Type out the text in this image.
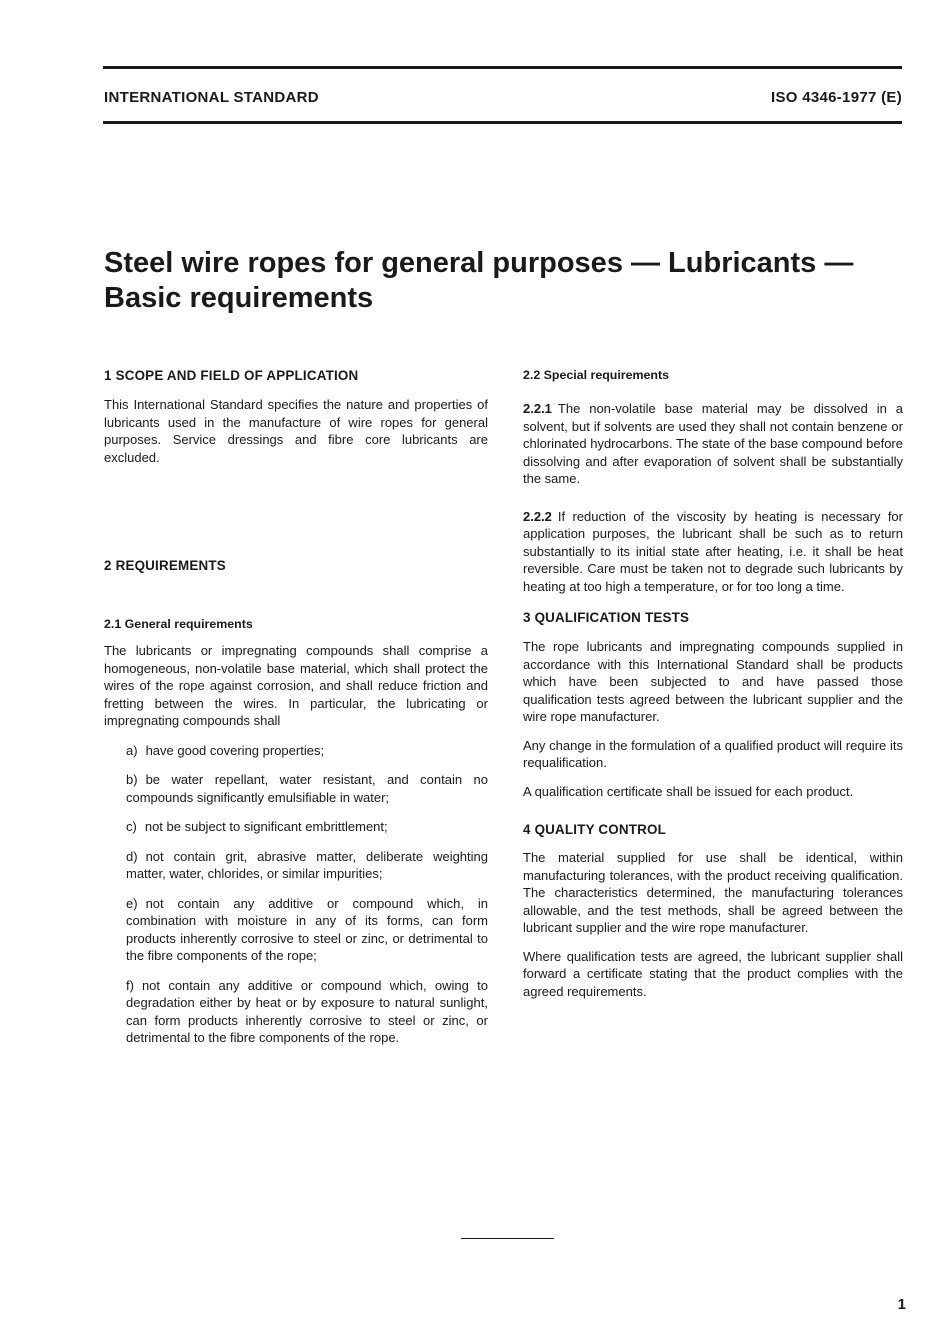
INTERNATIONAL STANDARD	ISO 4346-1977 (E)
Steel wire ropes for general purposes — Lubricants — Basic requirements
1 SCOPE AND FIELD OF APPLICATION

This International Standard specifies the nature and properties of lubricants used in the manufacture of wire ropes for general purposes. Service dressings and fibre core lubricants are excluded.

2 REQUIREMENTS
2.1 General requirements

The lubricants or impregnating compounds shall comprise a homogeneous, non-volatile base material, which shall protect the wires of the rope against corrosion, and shall reduce friction and fretting between the wires. In particular, the lubricating or impregnating compounds shall

a) have good covering properties;
b) be water repellant, water resistant, and contain no compounds significantly emulsifiable in water;
c) not be subject to significant embrittlement;
d) not contain grit, abrasive matter, deliberate weighting matter, water, chlorides, or similar impurities;
e) not contain any additive or compound which, in combination with moisture in any of its forms, can form products inherently corrosive to steel or zinc, or detrimental to the fibre components of the rope;
f) not contain any additive or compound which, owing to degradation either by heat or by exposure to natural sunlight, can form products inherently corrosive to steel or zinc, or detrimental to the fibre components of the rope.
2.2 Special requirements

2.2.1 The non-volatile base material may be dissolved in a solvent, but if solvents are used they shall not contain benzene or chlorinated hydrocarbons. The state of the base compound before dissolving and after evaporation of solvent shall be substantially the same.

2.2.2 If reduction of the viscosity by heating is necessary for application purposes, the lubricant shall be such as to return substantially to its initial state after heating, i.e. it shall be heat reversible. Care must be taken not to degrade such lubricants by heating at too high a temperature, or for too long a time.

3 QUALIFICATION TESTS

The rope lubricants and impregnating compounds supplied in accordance with this International Standard shall be products which have been subjected to and have passed those qualification tests agreed between the lubricant supplier and the wire rope manufacturer.

Any change in the formulation of a qualified product will require its requalification.

A qualification certificate shall be issued for each product.

4 QUALITY CONTROL

The material supplied for use shall be identical, within manufacturing tolerances, with the product receiving qualification. The characteristics determined, the manufacturing tolerances allowable, and the test methods, shall be agreed between the lubricant supplier and the wire rope manufacturer.

Where qualification tests are agreed, the lubricant supplier shall forward a certificate stating that the product complies with the agreed requirements.

1
